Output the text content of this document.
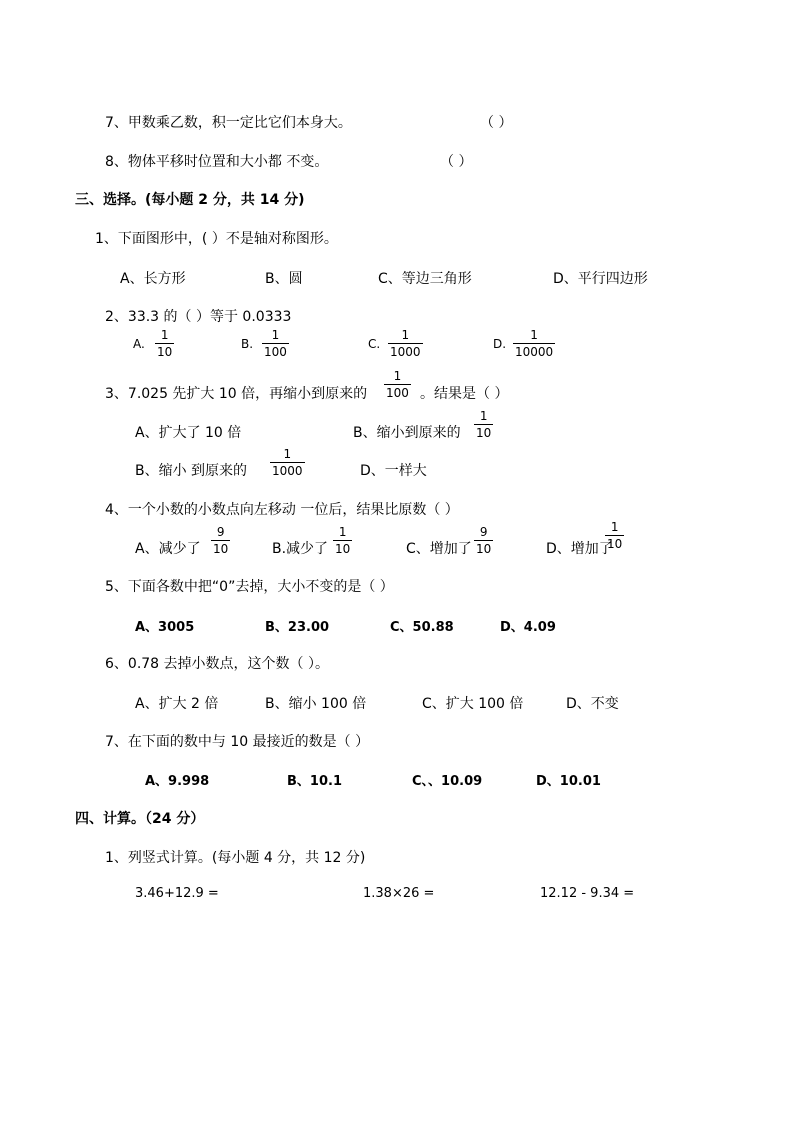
7、甲数乘乙数，积一定比它们本身大。	（ ）
8、物体平移时位置和大小都 不变。	（ ）
三、选择。(每小题 2 分，共 14 分)
1、下面图形中，( ）不是轴对称图形。
A、长方形	B、圆	C、等边三角形	D、平行四边形
2、33.3 的（ ）等于 0.0333
A. $\frac{1}{10}$	B. $\frac{1}{100}$	C. $\frac{1}{1000}$	D. $\frac{1}{10000}$
3、7.025 先扩大 10 倍，再缩小到原来的 $\frac{1}{100}$ 。结果是（ ）
A、扩大了 10 倍	B、缩小到原来的 $\frac{1}{10}$
B、缩小 到原来的 $\frac{1}{1000}$	D、一样大
4、一个小数的小数点向左移动 一位后，结果比原数（ ）
A、减少了 $\frac{9}{10}$	B.减少了 $\frac{1}{10}$	C、增加了 $\frac{9}{10}$	D、增加了
$\frac{1}{10}$
5、下面各数中把“0”去掉，大小不变的是（ ）
A、3005	B、23.00	C、50.88	D、4.09
6、0.78 去掉小数点，这个数（ ）。
A、扩大 2 倍	B、缩小 100 倍	C、扩大 100 倍	D、不变
7、在下面的数中与 10 最接近的数是（ ）
A、9.998	B、10.1	C、、10.09	D、10.01
四、计算。（24 分）
1、列竖式计算。(每小题 4 分，共 12 分)
3.46+12.9 =	1.38×26 =	12.12 - 9.34 =
